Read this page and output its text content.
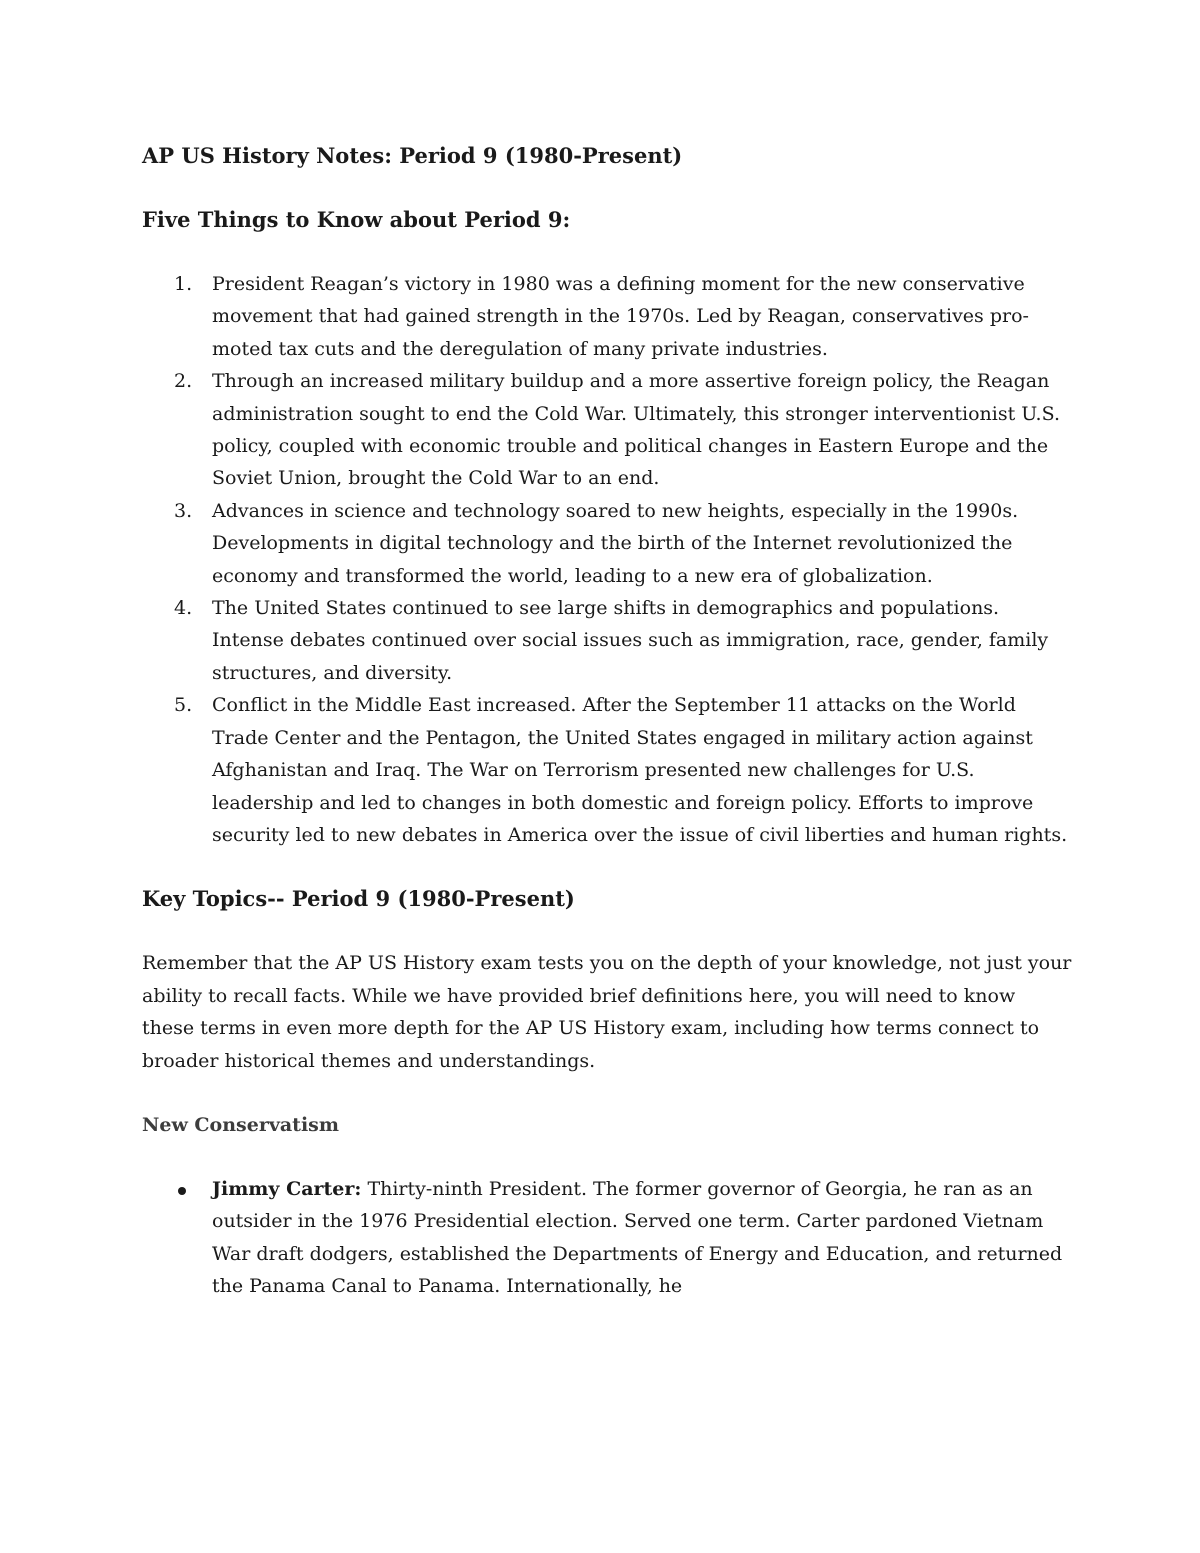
AP US History Notes: Period 9 (1980-Present)
Five Things to Know about Period 9:
1. President Reagan’s victory in 1980 was a defining moment for the new conservative movement that had gained strength in the 1970s. Led by Reagan, conservatives pro-moted tax cuts and the deregulation of many private industries.
2. Through an increased military buildup and a more assertive foreign policy, the Reagan administration sought to end the Cold War. Ultimately, this stronger interventionist U.S. policy, coupled with economic trouble and political changes in Eastern Europe and the Soviet Union, brought the Cold War to an end.
3. Advances in science and technology soared to new heights, especially in the 1990s. Developments in digital technology and the birth of the Internet revolutionized the economy and transformed the world, leading to a new era of globalization.
4. The United States continued to see large shifts in demographics and populations. Intense debates continued over social issues such as immigration, race, gender, family structures, and diversity.
5. Conflict in the Middle East increased. After the September 11 attacks on the World Trade Center and the Pentagon, the United States engaged in military action against Afghanistan and Iraq. The War on Terrorism presented new challenges for U.S. leadership and led to changes in both domestic and foreign policy. Efforts to improve security led to new debates in America over the issue of civil liberties and human rights.
Key Topics-- Period 9 (1980-Present)

Remember that the AP US History exam tests you on the depth of your knowledge, not just your ability to recall facts. While we have provided brief definitions here, you will need to know these terms in even more depth for the AP US History exam, including how terms connect to broader historical themes and understandings.

New Conservatism
Jimmy Carter: Thirty-ninth President. The former governor of Georgia, he ran as an outsider in the 1976 Presidential election. Served one term. Carter pardoned Vietnam War draft dodgers, established the Departments of Energy and Education, and returned the Panama Canal to Panama. Internationally, he
